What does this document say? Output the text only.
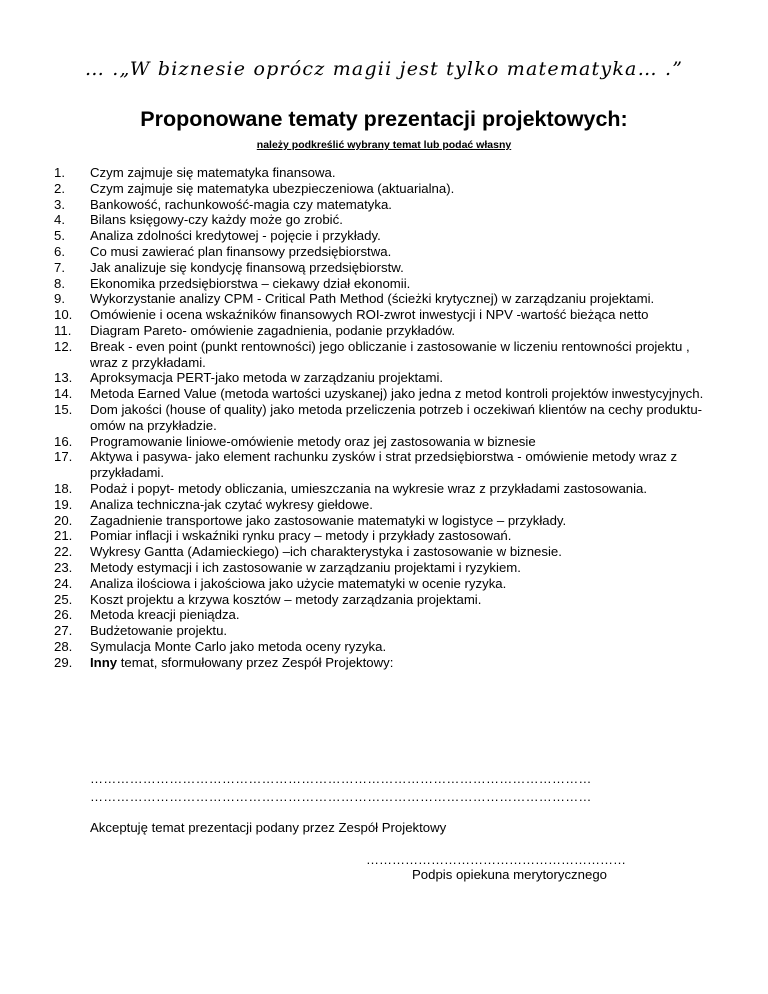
… .„W biznesie oprócz magii jest tylko matematyka… .”
Proponowane tematy prezentacji projektowych:
należy podkreślić wybrany temat lub podać własny
1.	Czym zajmuje się matematyka finansowa.
2.	Czym zajmuje się matematyka ubezpieczeniowa (aktuarialna).
3.	Bankowość, rachunkowość-magia czy matematyka.
4.	Bilans księgowy-czy każdy może go zrobić.
5.	Analiza zdolności kredytowej - pojęcie i przykłady.
6.	Co musi zawierać plan finansowy przedsiębiorstwa.
7.	Jak analizuje się kondycję finansową przedsiębiorstw.
8.	Ekonomika przedsiębiorstwa – ciekawy dział ekonomii.
9.	Wykorzystanie analizy CPM - Critical Path Method (ścieżki krytycznej) w zarządzaniu projektami.
10.	Omówienie i ocena wskaźników finansowych ROI-zwrot inwestycji i NPV -wartość bieżąca netto
11.	Diagram Pareto- omówienie zagadnienia, podanie przykładów.
12.	Break - even point (punkt rentowności) jego obliczanie i zastosowanie w liczeniu rentowności projektu , wraz z przykładami.
13.	Aproksymacja PERT-jako metoda w zarządzaniu projektami.
14.	Metoda Earned Value (metoda wartości uzyskanej) jako jedna z metod kontroli projektów inwestycyjnych.
15.	Dom jakości (house of quality) jako metoda przeliczenia potrzeb i oczekiwań klientów na cechy produktu-omów na przykładzie.
16.	Programowanie liniowe-omówienie metody oraz jej zastosowania w biznesie
17.	Aktywa i pasywa- jako element rachunku zysków i strat przedsiębiorstwa - omówienie metody wraz z przykładami.
18.	Podaż i popyt- metody obliczania, umieszczania na wykresie wraz z przykładami zastosowania.
19.	Analiza techniczna-jak czytać wykresy giełdowe.
20.	Zagadnienie transportowe jako zastosowanie matematyki w logistyce – przykłady.
21.	Pomiar inflacji i wskaźniki rynku pracy – metody i przykłady zastosowań.
22.	Wykresy Gantta (Adamieckiego) –ich charakterystyka i zastosowanie w biznesie.
23.	Metody estymacji i ich zastosowanie w zarządzaniu projektami i ryzykiem.
24.	Analiza ilościowa i jakościowa jako użycie matematyki w ocenie ryzyka.
25.	Koszt projektu a krzywa kosztów – metody zarządzania projektami.
26.	Metoda kreacji pieniądza.
27.	Budżetowanie projektu.
28.	Symulacja Monte Carlo jako metoda oceny ryzyka.
29.	Inny temat, sformułowany przez Zespół Projektowy:
……………………………………………………………………………………………………
……………………………………………………………………………………………………
Akceptuję temat prezentacji podany przez Zespół Projektowy
……………………………………………………
Podpis opiekuna merytorycznego
